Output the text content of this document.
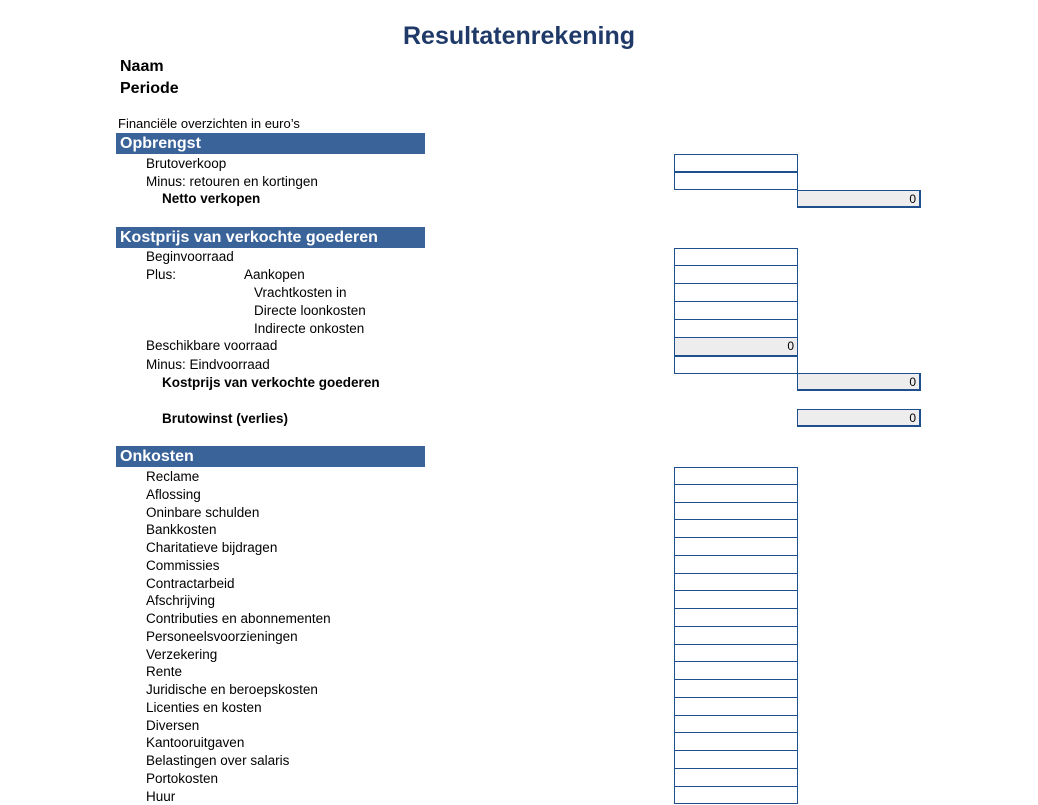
Resultatenrekening
Naam
Periode
Financiële overzichten in euro’s
Opbrengst
Brutoverkoop
Minus: retouren en kortingen
Netto verkopen	0
Kostprijs van verkochte goederen
Beginvoorraad
Plus:	Aankopen
Vrachtkosten in
Directe loonkosten
Indirecte onkosten
Beschikbare voorraad	0
Minus: Eindvoorraad
Kostprijs van verkochte goederen	0
Brutowinst (verlies)	0
Onkosten
Reclame
Aflossing
Oninbare schulden
Bankkosten
Charitatieve bijdragen
Commissies
Contractarbeid
Afschrijving
Contributies en abonnementen
Personeelsvoorzieningen
Verzekering
Rente
Juridische en beroepskosten
Licenties en kosten
Diversen
Kantooruitgaven
Belastingen over salaris
Portokosten
Huur
